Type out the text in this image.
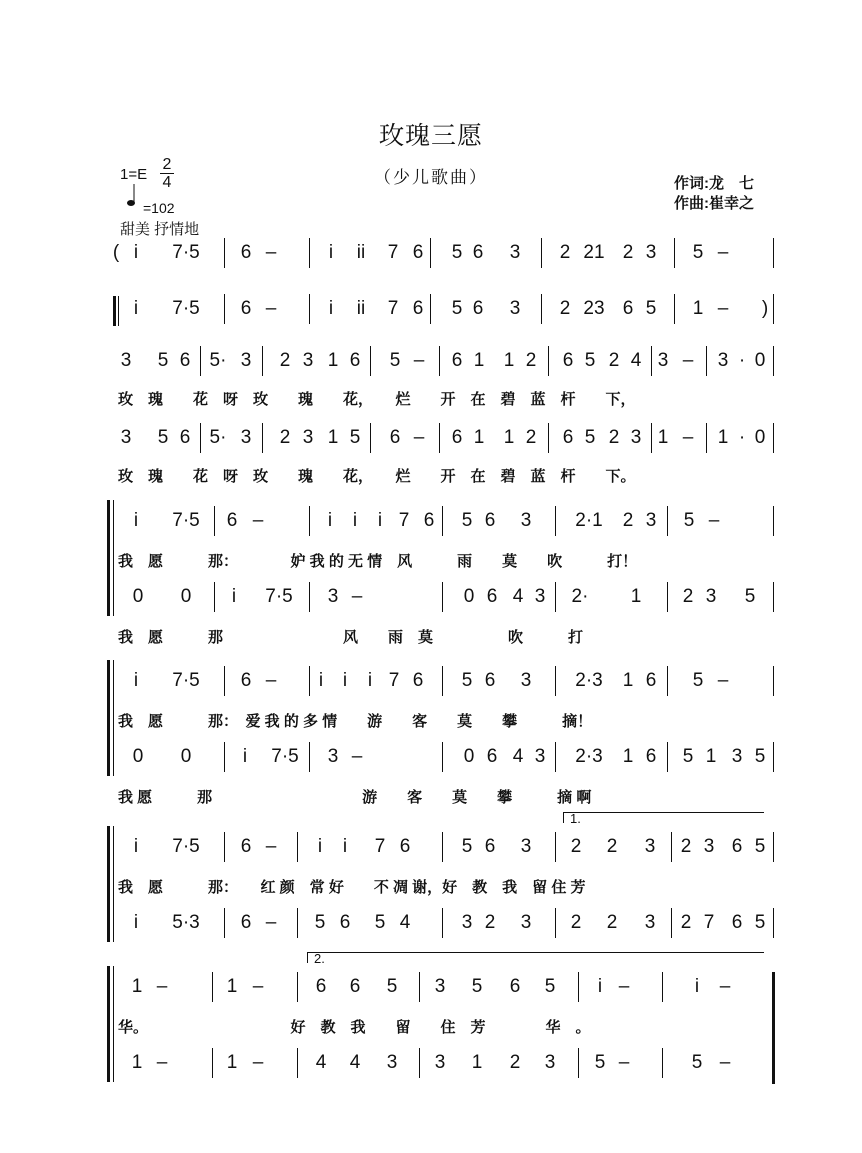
玫瑰三愿
（少儿歌曲）	作词:龙　七
作曲:崔幸之
$1=E \frac{2}{4}$
=102
甜美 抒情地
( i 7·5 6 –	i ii 7 6 5 6 3 2 21 2 3 5 –
i 7·5 6 –	i ii 7 6 5 6 3 2 23 6 5 1 – )
3 5 6 5· 3 2 3 1 6 5 – 6 1 1 2 6 5 2 4 3 – 3 · 0
玫　瑰　　花　呀　玫　　瑰　　花，　　烂　　开　在　碧　蓝　杆　　下，
3 5 6 5· 3 2 3 1 5 6 – 6 1 1 2 6 5 2 3 1 – 1 · 0
玫　瑰　　花　呀　玫　　瑰　　花，　　烂　　开　在　碧　蓝　杆　　下。
i 7·5 6 –	i i i 7 6 5 6 3 2·1 2 3 5 –
0 0 i 7·5 3 –	0 6 4 3 2· 1 2 3 5
我　愿　　　那：　　　　妒 我 的 无 情　风　　　雨　　莫　　吹　　　打！
我　愿　　　那　　　　　　　　风　　雨　莫　　　　　吹　　　打
i 7·5 6 – i i i 7 6 5 6 3 2·3 1 6 5 –
0 0	i 7·5 3 –	0 6 4 3 2·3 1 6 5 1 3 5
我　愿　　　那：　爱 我 的 多 情　　游　　客　　莫　　攀　　　摘！
我 愿　　　那　　　　　　　　　　游　　客　　莫　　攀　　　摘 啊
i 7·5 6 – i i 7 6	5 6 3 2 2 3 2 3 6 5
i 5·3 6 – 5 6 5 4	3 2 3 2 2 3 2 7 6 5
我　愿　　　那：　　红 颜　常 好　　不 凋 谢，好　教　我　留 住 芳
1.
1 –	1 –	6 6 5 3 5 6 5 i –	i –
1 –	1 –	4 4 3 3 1 2 3 5 –	5 –
华。　　　　　　　　　　好　教　我　　留　　住　芳　　　　华　。
2.
